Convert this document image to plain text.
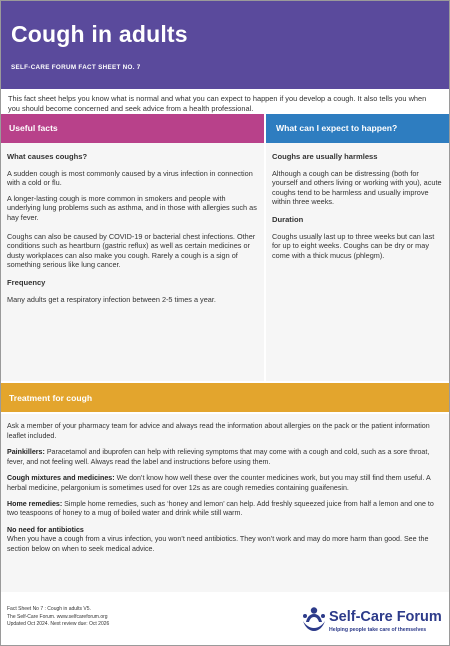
Cough in adults
SELF-CARE FORUM FACT SHEET NO. 7
This fact sheet helps you know what is normal and what you can expect to happen if you develop a cough. It also tells you when you should become concerned and seek advice from a health professional.
Useful facts
What causes coughs?

A sudden cough is most commonly caused by a virus infection in connection with a cold or flu.

A longer-lasting cough is more common in smokers and people with underlying lung problems such as asthma, and in those with allergies such as hay fever.

Coughs can also be caused by COVID-19 or bacterial chest infections. Other conditions such as heartburn (gastric reflux) as well as certain medicines or dusty workplaces can also make you cough. Rarely a cough is a sign of something serious like lung cancer.

Frequency

Many adults get a respiratory infection between 2-5 times a year.

What can I expect to happen?
Coughs are usually harmless

Although a cough can be distressing (both for yourself and others living or working with you), acute coughs tend to be harmless and usually improve within three weeks.

Duration

Coughs usually last up to three weeks but can last for up to eight weeks. Coughs can be dry or may come with a thick mucus (phlegm).

Treatment for cough

Ask a member of your pharmacy team for advice and always read the information about allergies on the pack or the patient information leaflet included.

Painkillers: Paracetamol and ibuprofen can help with relieving symptoms that may come with a cough and cold, such as a sore throat, fever, and not feeling well. Always read the label and instructions before using them.

Cough mixtures and medicines: We don’t know how well these over the counter medicines work, but you may still find them useful. A herbal medicine, pelargonium is sometimes used for over 12s as are cough remedies containing guaifenesin.

Home remedies: Simple home remedies, such as ‘honey and lemon’ can help. Add freshly squeezed juice from half a lemon and one to two teaspoons of honey to a mug of boiled water and drink while still warm.

No need for antibiotics
When you have a cough from a virus infection, you won’t need antibiotics. They won’t work and may do more harm than good. See the section below on when to seek medical advice.

Fact Sheet No 7 : Cough in adults V5.
The Self-Care Forum. www.selfcareforum.org
Updated Oct 2024. Next review due: Oct 2026	Self-Care Forum
Helping people take care of themselves
